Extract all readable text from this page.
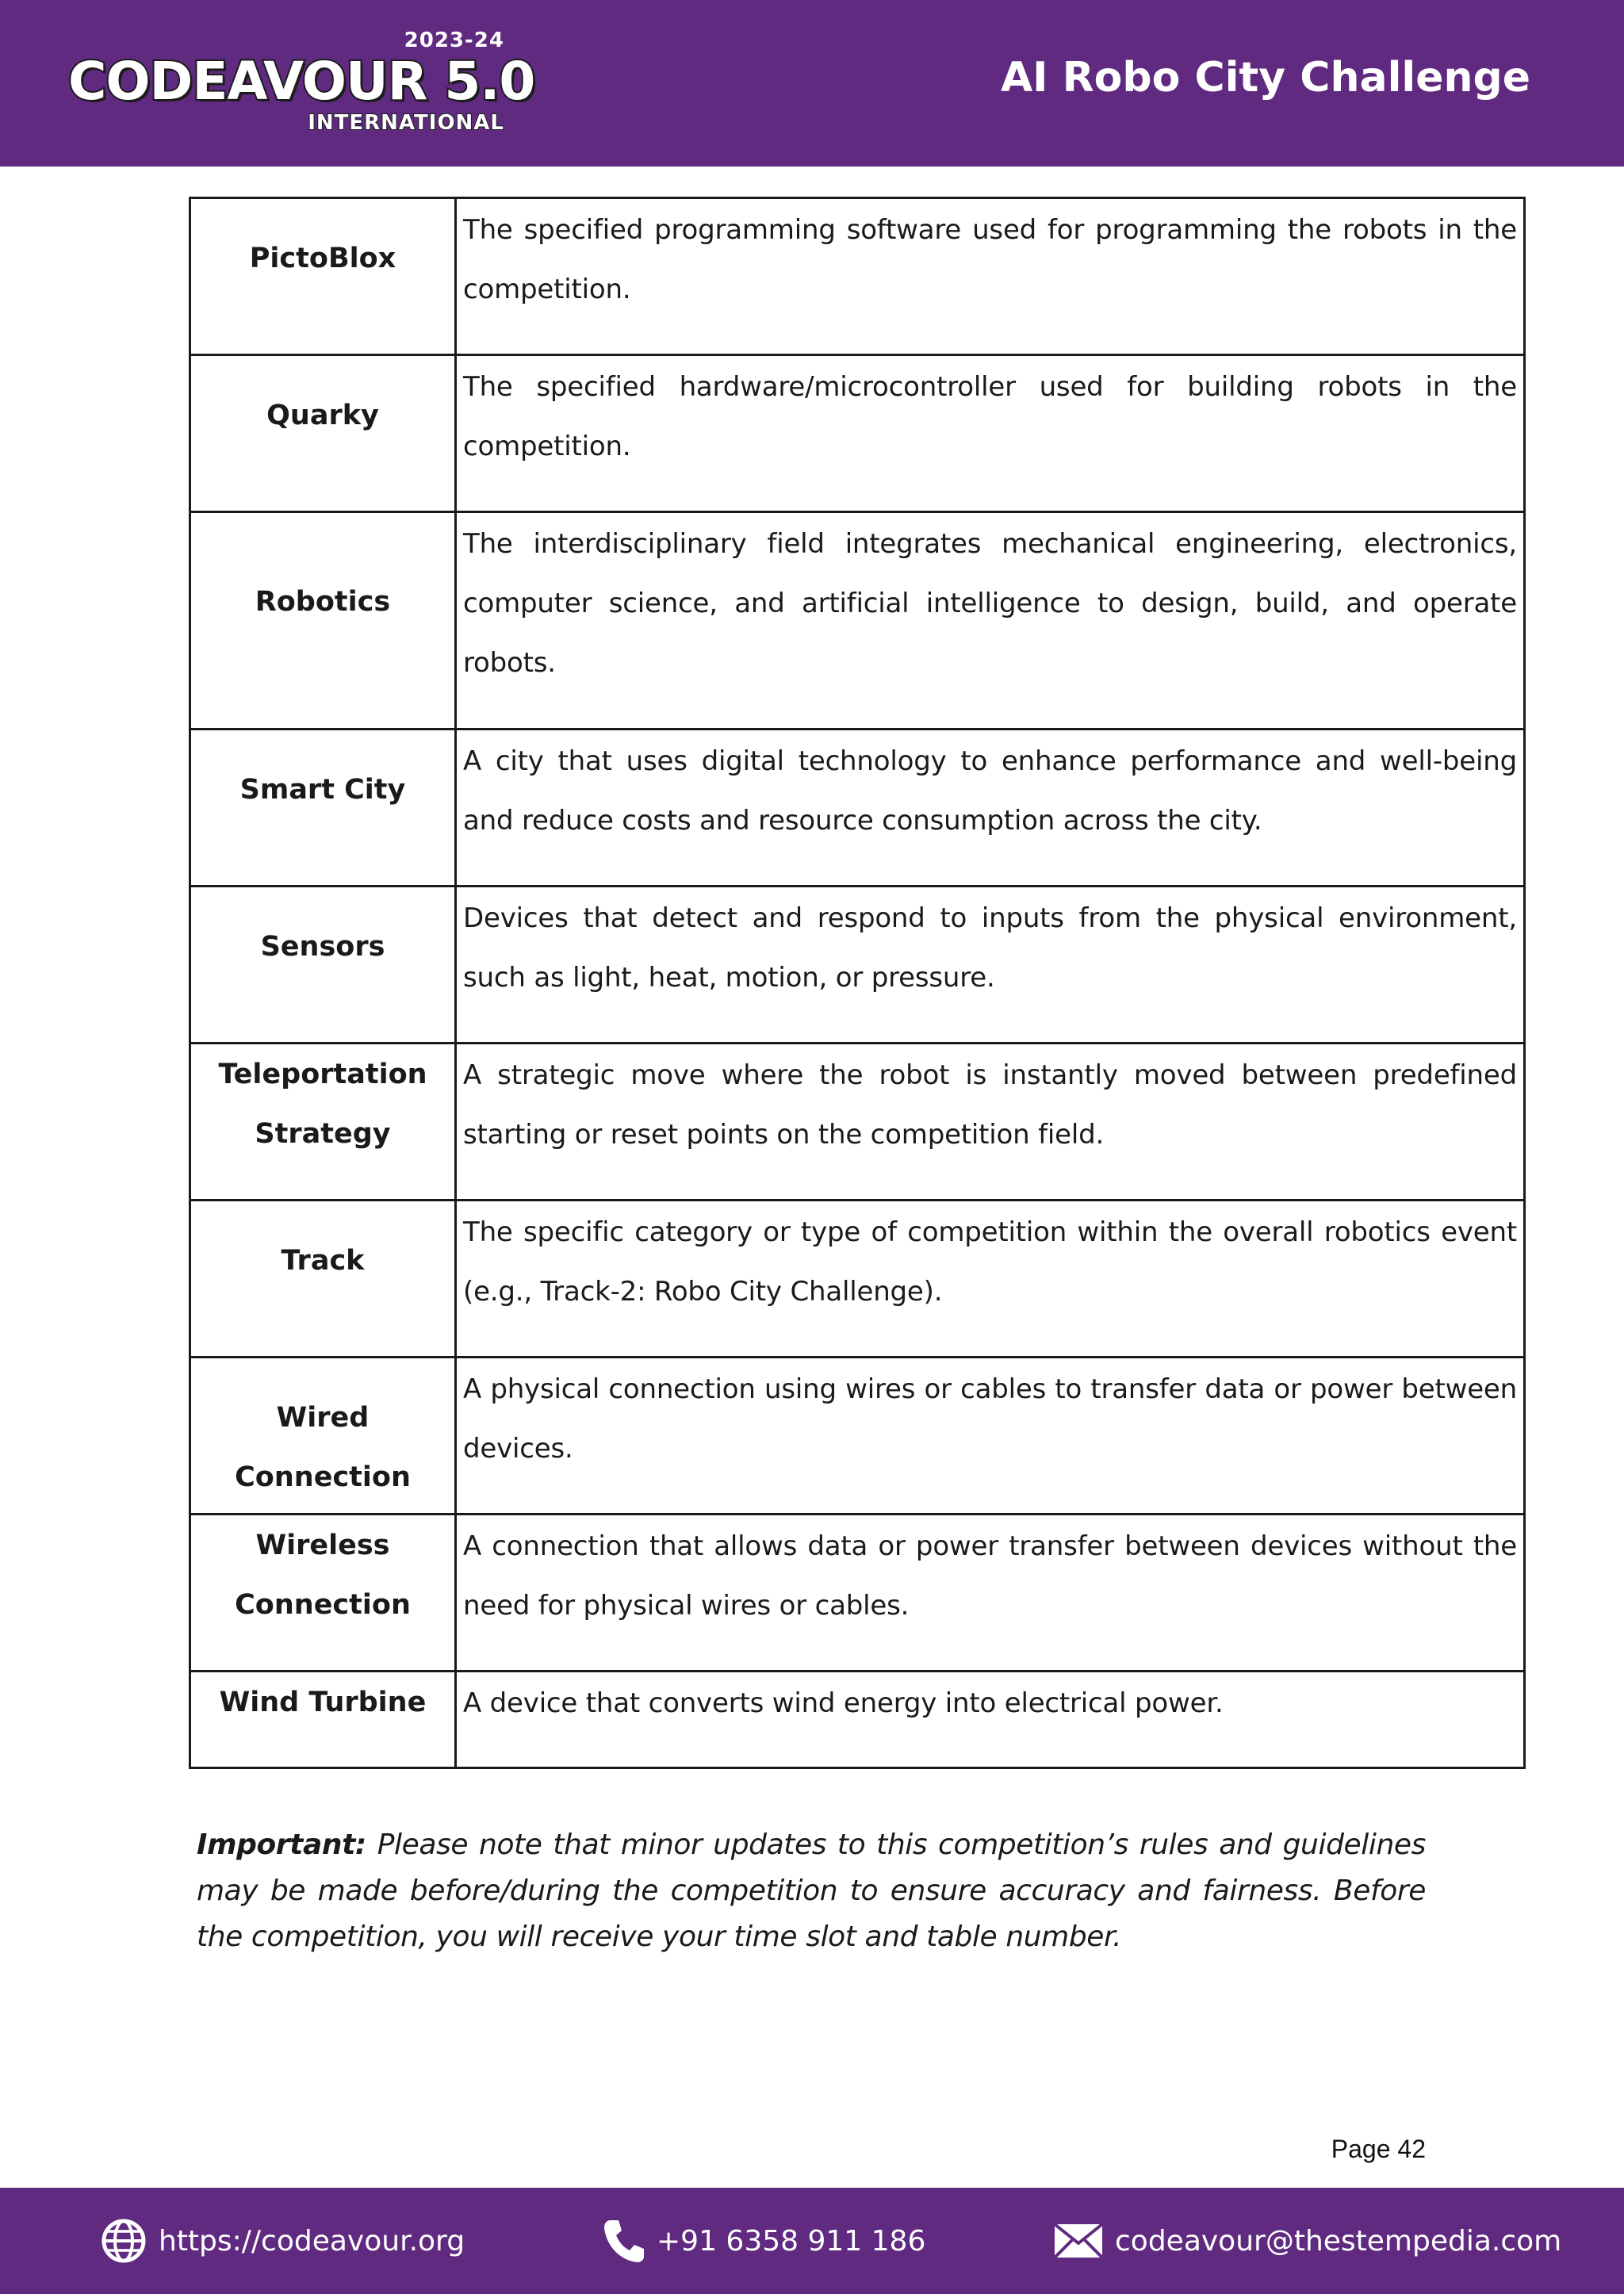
2023-24
CODEAVOUR 5.0
INTERNATIONAL
AI Robo City Challenge
PictoBlox	The specified programming software used for programming the robots in the competition.

Quarky	The specified hardware/microcontroller used for building robots in the competition.

Robotics	The interdisciplinary field integrates mechanical engineering, electronics, computer science, and artificial intelligence to design, build, and operate robots.

Smart City	A city that uses digital technology to enhance performance and well-being and reduce costs and resource consumption across the city.

Sensors	Devices that detect and respond to inputs from the physical environment, such as light, heat, motion, or pressure.

Teleportation Strategy	A strategic move where the robot is instantly moved between predefined starting or reset points on the competition field.

Track	The specific category or type of competition within the overall robotics event (e.g., Track-2: Robo City Challenge).

Wired Connection	A physical connection using wires or cables to transfer data or power between devices.

Wireless Connection	A connection that allows data or power transfer between devices without the need for physical wires or cables.

Wind Turbine	A device that converts wind energy into electrical power.

Important: Please note that minor updates to this competition’s rules and guidelines may be made before/during the competition to ensure accuracy and fairness. Before the competition, you will receive your time slot and table number.

Page 42
https://codeavour.org	+91 6358 911 186	codeavour@thestempedia.com
